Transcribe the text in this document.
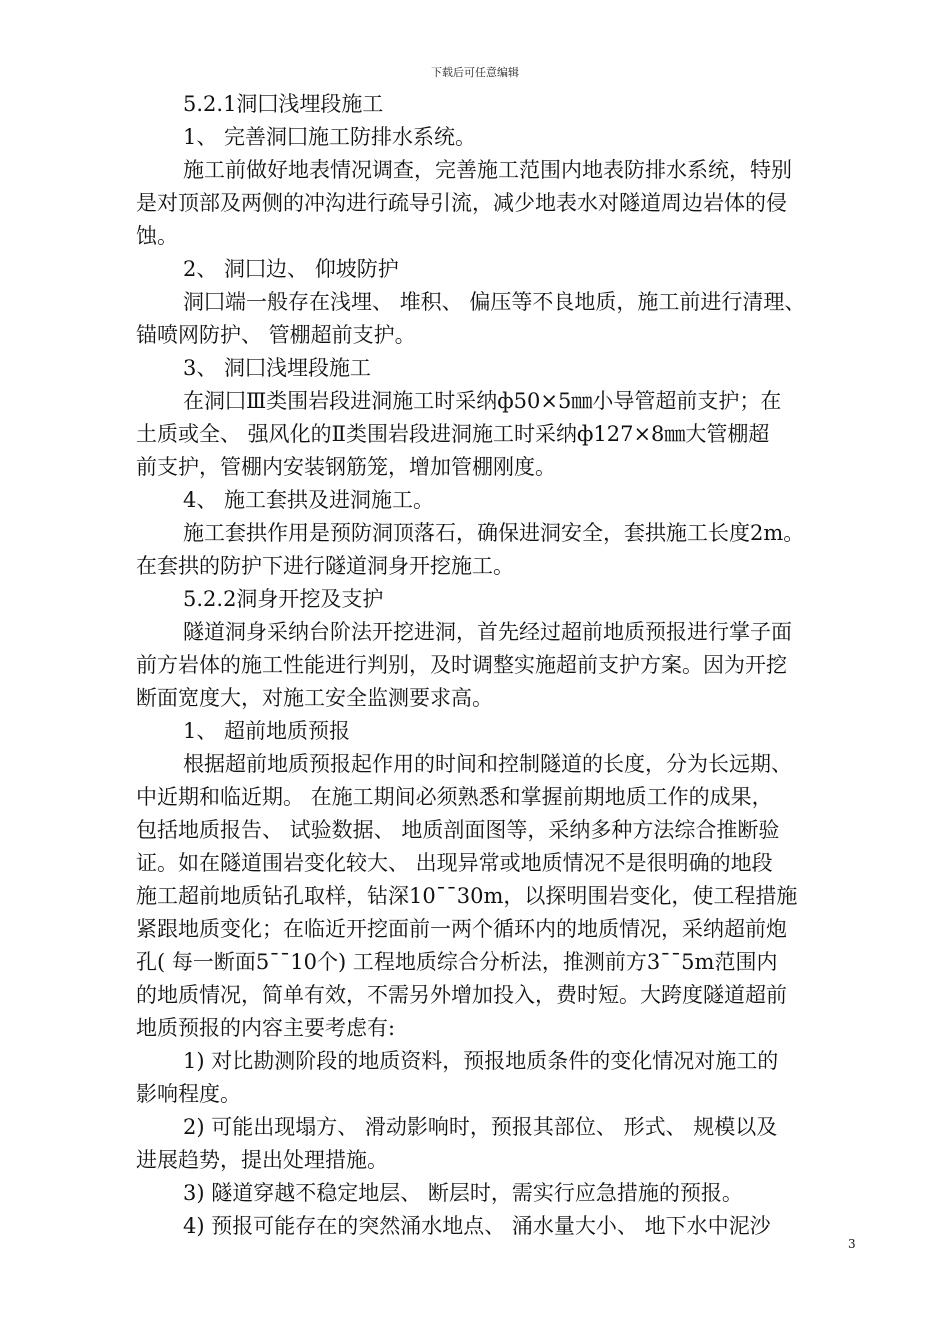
下载后可任意编辑
5.2.1洞囗浅埋段施工
1、 完善洞囗施工防排水系统。
施工前做好地表情况调查，完善施工范围内地表防排水系统，特别
是对顶部及两侧的冲沟进行疏导引流，减少地表水对隧道周边岩体的侵
蚀。
2、 洞囗边、 仰坡防护
洞囗端一般存在浅埋、 堆积、 偏压等不良地质，施工前进行清理、
锚喷网防护、 管棚超前支护。
3、 洞囗浅埋段施工
在洞囗Ⅲ类围岩段进洞施工时采纳ф50×5㎜小导管超前支护；在
土质或全、 强风化的Ⅱ类围岩段进洞施工时采纳ф127×8㎜大管棚超
前支护，管棚内安装钢筋笼，增加管棚刚度。
4、 施工套拱及进洞施工。
施工套拱作用是预防洞顶落石，确保进洞安全，套拱施工长度2m。
在套拱的防护下进行隧道洞身开挖施工。
5.2.2洞身开挖及支护
隧道洞身采纳台阶法开挖进洞，首先经过超前地质预报进行掌子面
前方岩体的施工性能进行判别，及时调整实施超前支护方案。因为开挖
断面宽度大，对施工安全监测要求高。
1、 超前地质预报
根据超前地质预报起作用的时间和控制隧道的长度，分为长远期、
中近期和临近期。 在施工期间必须熟悉和掌握前期地质工作的成果，
包括地质报告、 试验数据、 地质剖面图等，采纳多种方法综合推断验
证。如在隧道围岩变化较大、 出现异常或地质情况不是很明确的地段
施工超前地质钻孔取样，钻深10¯¯30m，以探明围岩变化，使工程措施
紧跟地质变化；在临近开挖面前一两个循环内的地质情况，采纳超前炮
孔( 每一断面5¯¯10个) 工程地质综合分析法，推测前方3¯¯5m范围内
的地质情况，简单有效，不需另外增加投入，费时短。大跨度隧道超前
地质预报的内容主要考虑有:
1) 对比勘测阶段的地质资料，预报地质条件的变化情况对施工的
影响程度。
2) 可能出现塌方、 滑动影响时，预报其部位、 形式、 规模以及
进展趋势，提出处理措施。
3) 隧道穿越不稳定地层、 断层时，需实行应急措施的预报。
4) 预报可能存在的突然涌水地点、 涌水量大小、 地下水中泥沙
3
